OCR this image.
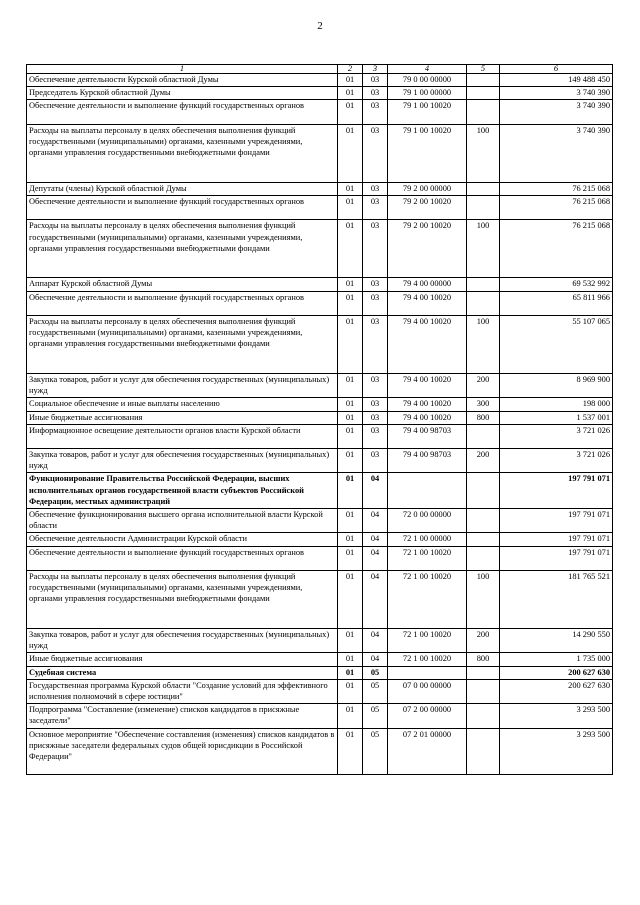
2
1	2	3	4	5	6
Обеспечение деятельности Курской областной Думы	01	03	79 0 00 00000		149 488 450
Председатель Курской областной Думы	01	03	79 1 00 00000		3 740 390
Обеспечение деятельности и выполнение функций государственных органов	01	03	79 1 00 10020		3 740 390
Расходы на выплаты персоналу в целях обеспечения выполнения функций государственными (муниципальными) органами, казенными учреждениями, органами управления государственными внебюджетными фондами	01	03	79 1 00 10020	100	3 740 390
Депутаты (члены) Курской областной Думы	01	03	79 2 00 00000		76 215 068
Обеспечение деятельности и выполнение функций государственных органов	01	03	79 2 00 10020		76 215 068
Расходы на выплаты персоналу в целях обеспечения выполнения функций государственными (муниципальными) органами, казенными учреждениями, органами управления государственными внебюджетными фондами	01	03	79 2 00 10020	100	76 215 068
Аппарат Курской областной Думы	01	03	79 4 00 00000		69 532 992
Обеспечение деятельности и выполнение функций государственных органов	01	03	79 4 00 10020		65 811 966
Расходы на выплаты персоналу в целях обеспечения выполнения функций государственными (муниципальными) органами, казенными учреждениями, органами управления государственными внебюджетными фондами	01	03	79 4 00 10020	100	55 107 065
Закупка товаров, работ и услуг для обеспечения государственных (муниципальных) нужд	01	03	79 4 00 10020	200	8 969 900
Социальное обеспечение и иные выплаты населению	01	03	79 4 00 10020	300	198 000
Иные бюджетные ассигнования	01	03	79 4 00 10020	800	1 537 001
Информационное освещение деятельности органов власти Курской области	01	03	79 4 00 98703		3 721 026
Закупка товаров, работ и услуг для обеспечения государственных (муниципальных) нужд	01	03	79 4 00 98703	200	3 721 026
Функционирование Правительства Российской Федерации, высших исполнительных органов государственной власти субъектов Российской Федерации, местных администраций	01	04			197 791 071
Обеспечение функционирования высшего органа исполнительной власти Курской области	01	04	72 0 00 00000		197 791 071
Обеспечение деятельности Администрации Курской области	01	04	72 1 00 00000		197 791 071
Обеспечение деятельности и выполнение функций государственных органов	01	04	72 1 00 10020		197 791 071
Расходы на выплаты персоналу в целях обеспечения выполнения функций государственными (муниципальными) органами, казенными учреждениями, органами управления государственными внебюджетными фондами	01	04	72 1 00 10020	100	181 765 521
Закупка товаров, работ и услуг для обеспечения государственных (муниципальных) нужд	01	04	72 1 00 10020	200	14 290 550
Иные бюджетные ассигнования	01	04	72 1 00 10020	800	1 735 000
Судебная система	01	05			200 627 630
Государственная программа Курской области "Создание условий для эффективного исполнения полномочий в сфере юстиции"	01	05	07 0 00 00000		200 627 630
Подпрограмма "Составление (изменение) списков кандидатов в присяжные заседатели"	01	05	07 2 00 00000		3 293 500
Основное мероприятие "Обеспечение составления (изменения) списков кандидатов в присяжные заседатели федеральных судов общей юрисдикции в Российской Федерации"	01	05	07 2 01 00000		3 293 500
